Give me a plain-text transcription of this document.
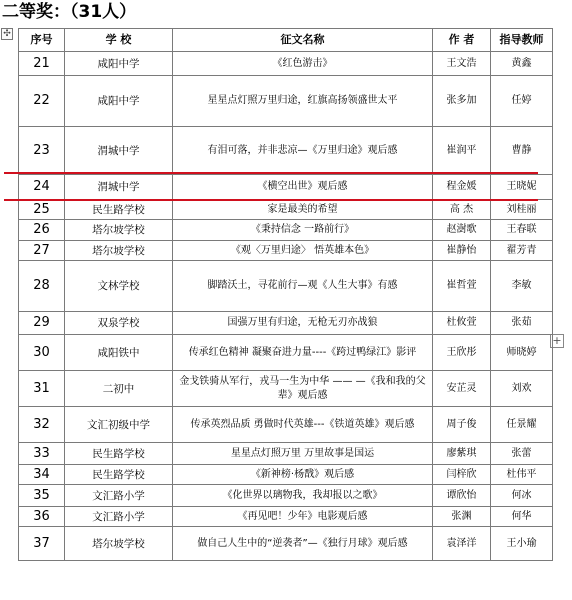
二等奖：（31人）
✣
+
序号	学 校	征文名称	作 者	指导教师
21	咸阳中学	《红色游击》	王文浩	黄鑫
22	咸阳中学	星星点灯照万里归途，红旗高扬领盛世太平	张多加	任婷
23	渭城中学	有泪可落，并非悲凉—《万里归途》观后感	崔润平	曹静
24	渭城中学	《横空出世》观后感	程金媛	王晓妮
25	民生路学校	家是最美的希望	高 杰	刘桂丽
26	塔尔坡学校	《秉持信念 一路前行》	赵澍歌	王春联
27	塔尔坡学校	《观〈万里归途〉 悟英雄本色》	崔静怡	翟芳青
28	文林学校	脚踏沃土，寻花前行—观《人生大事》有感	崔哲萱	李敏
29	双泉学校	国强万里有归途，无枪无刃亦战狼	杜攸萱	张茹
30	咸阳铁中	传承红色精神 凝聚奋进力量----《跨过鸭绿江》影评	王欣彤	师晓婷
31	二初中	金戈铁骑从军行，戎马一生为中华 —— —《我和我的父辈》观后感	安芷灵	刘欢
32	文汇初级中学	传承英烈品质 勇做时代英雄---《铁道英雄》观后感	周子俊	任景耀
33	民生路学校	星星点灯照万里 万里故事是国运	廖紫琪	张蕾
34	民生路学校	《新神榜·杨戬》观后感	闫梓欣	杜伟平
35	文汇路小学	《化世界以璃物我，我却报以之歌》	谭欣怡	何冰
36	文汇路小学	《再见吧！少年》电影观后感	张渊	何华
37	塔尔坡学校	做自己人生中的“逆袭者”—《独行月球》观后感	袁泽洋	王小瑜
